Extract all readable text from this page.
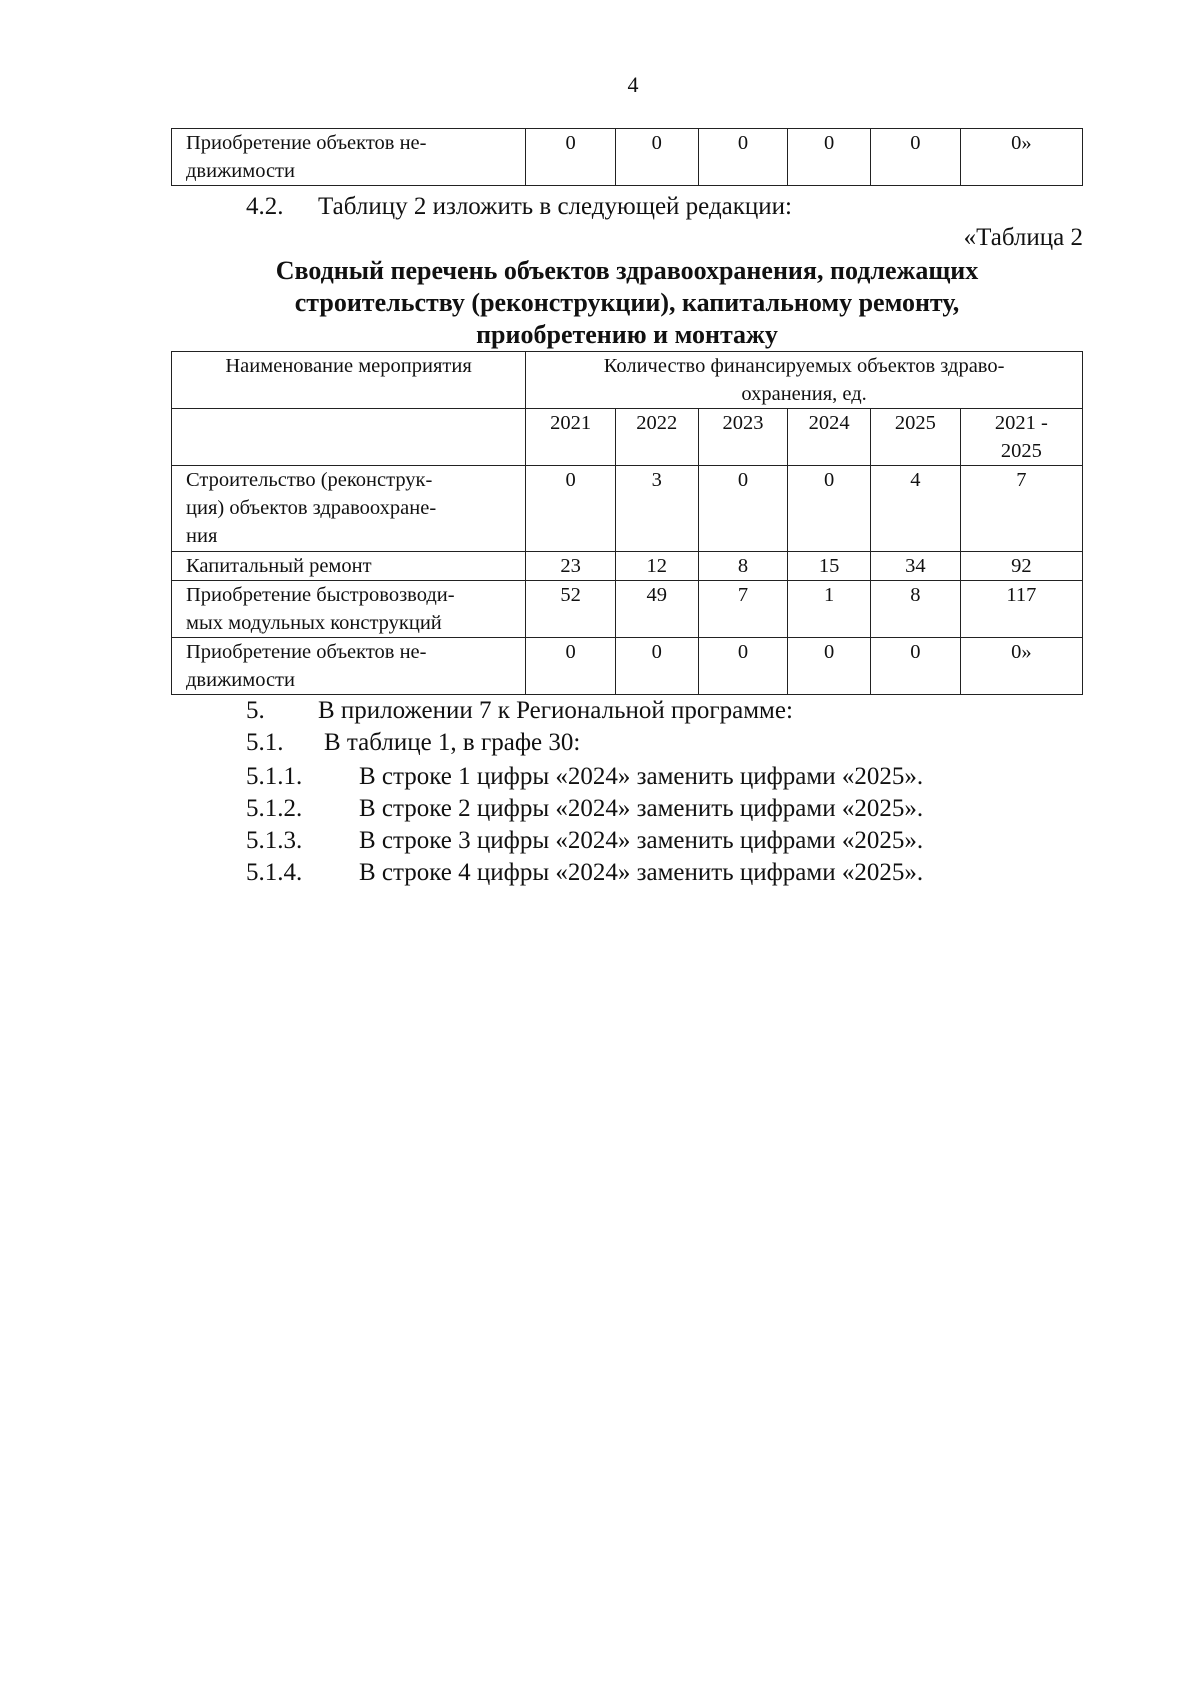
4
Приобретение объектов не-
движимости
	0	0	0	0	0	0»
4.2. Таблицу 2 изложить в следующей редакции:
«Таблица 2
Сводный перечень объектов здравоохранения, подлежащих
строительству (реконструкции), капитальному ремонту,
приобретению и монтажу
Наименование мероприятия	Количество финансируемых объектов здраво-
охранения, ед.					

	2021	2022	2023	2024	2025	2021 -
2025

Строительство (реконструк-
ция) объектов здравоохране-
ния	0	3	0	0	4	7
Капитальный ремонт	23	12	8	15	34	92

Приобретение быстровозводи-
мых модульных конструкций	52	49	7	1	8	117

Приобретение объектов не-
движимости	0	0	0	0	0	0»
5. В приложении 7 к Региональной программе:
5.1. В таблице 1, в графе 30:
5.1.1. В строке 1 цифры «2024» заменить цифрами «2025».
5.1.2. В строке 2 цифры «2024» заменить цифрами «2025».
5.1.3. В строке 3 цифры «2024» заменить цифрами «2025».
5.1.4. В строке 4 цифры «2024» заменить цифрами «2025».
